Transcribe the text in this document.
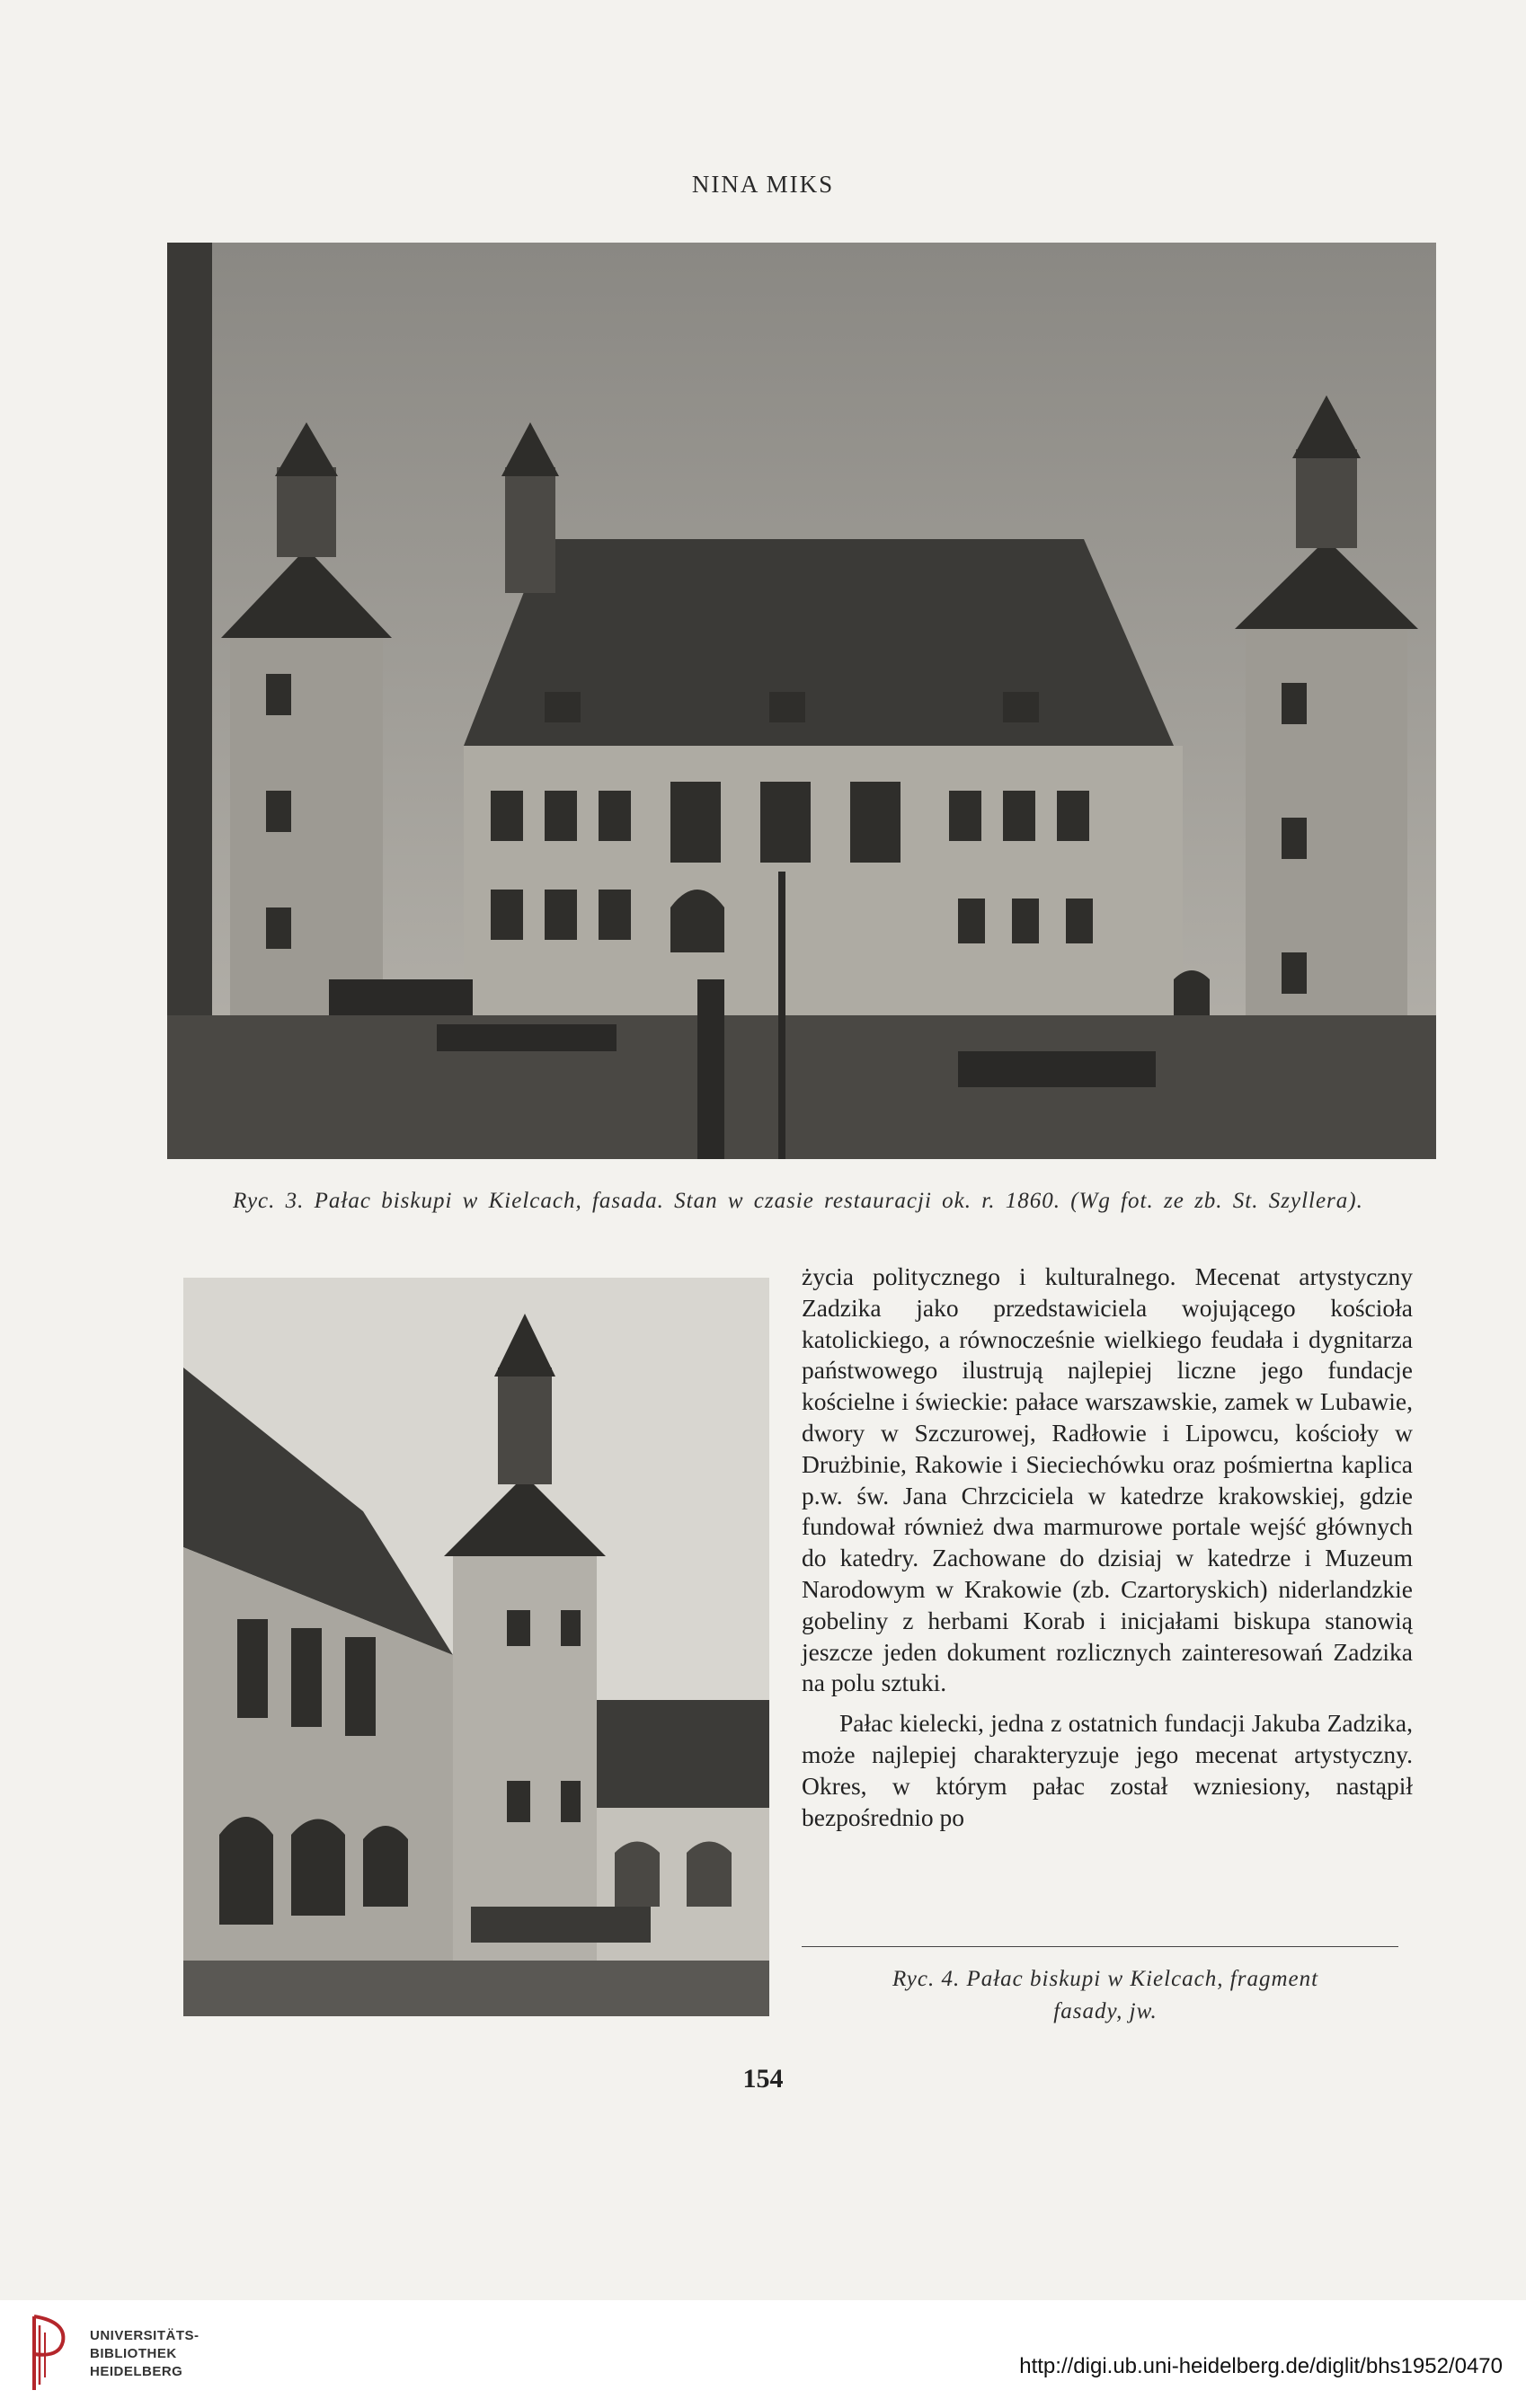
NINA MIKS
Ryc. 3. Pałac biskupi w Kielcach, fasada. Stan w czasie restauracji ok. r. 1860. (Wg fot. ze zb. St. Szyllera).

życia politycznego i kulturalnego. Mecenat artystyczny Zadzika jako przedstawiciela wojującego kościoła katolickiego, a równocześnie wielkiego feudała i dygnitarza państwowego ilustrują najlepiej liczne jego fundacje kościelne i świeckie: pałace warszawskie, zamek w Lubawie, dwory w Szczurowej, Radłowie i Lipowcu, kościoły w Drużbinie, Rakowie i Sieciechówku oraz pośmiertna kaplica p.w. św. Jana Chrzciciela w katedrze krakowskiej, gdzie fundował również dwa marmurowe portale wejść głównych do katedry. Zachowane do dzisiaj w katedrze i Muzeum Narodowym w Krakowie (zb. Czartoryskich) niderlandzkie gobeliny z herbami Korab i inicjałami biskupa stanowią jeszcze jeden dokument rozlicznych zainteresowań Zadzika na polu sztuki.

Pałac kielecki, jedna z ostatnich fundacji Jakuba Zadzika, może najlepiej charakteryzuje jego mecenat artystyczny. Okres, w którym pałac został wzniesiony, nastąpił bezpośrednio po

Ryc. 4. Pałac biskupi w Kielcach, fragment
fasady, jw.
154
UNIVERSITÄTS-
BIBLIOTHEK
HEIDELBERG	http://digi.ub.uni-heidelberg.de/diglit/bhs1952/0470
